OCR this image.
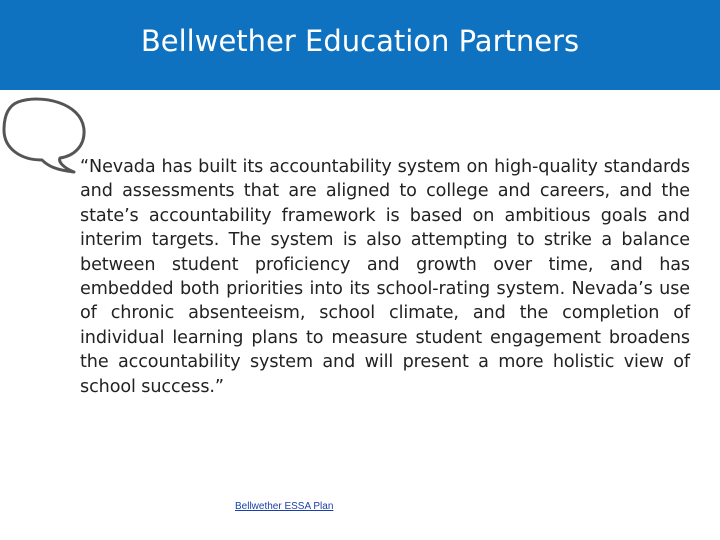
Bellwether Education Partners

“Nevada has built its accountability system on high-quality standards and assessments that are aligned to college and careers, and the state’s accountability framework is based on ambitious goals and interim targets. The system is also attempting to strike a balance between student proficiency and growth over time, and has embedded both priorities into its school-rating system. Nevada’s use of chronic absenteeism, school climate, and the completion of individual learning plans to measure student engagement broadens the accountability system and will present a more holistic view of school success.”

Bellwether ESSA Plan
